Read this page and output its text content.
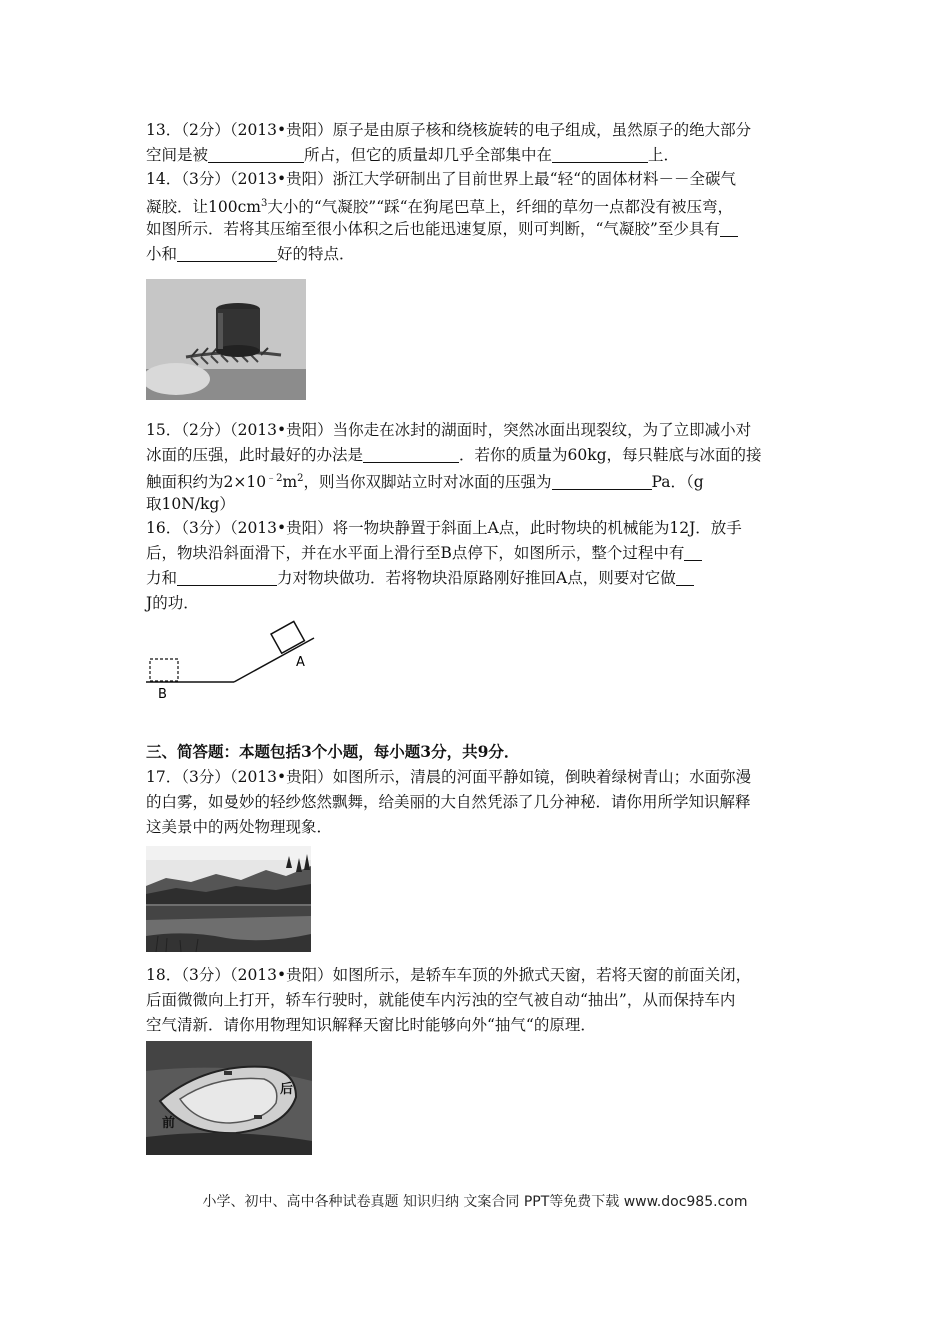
13．（2分）（2013•贵阳）原子是由原子核和绕核旋转的电子组成，虽然原子的绝大部分
空间是被	所占，但它的质量却几乎全部集中在	上．
14．（3分）（2013•贵阳）浙江大学研制出了目前世界上最“轻“的固体材料－－全碳气
凝胶．让$100cm^3$大小的“气凝胶”“踩“在狗尾巴草上，纤细的草勿一点都没有被压弯，
如图所示．若将其压缩至很小体积之后也能迅速复原，则可判断，“气凝胶”至少具有
小和	好的特点．
15．（2分）（2013•贵阳）当你走在冰封的湖面时，突然冰面出现裂纹，为了立即减小对
冰面的压强，此时最好的办法是	．若你的质量为60kg，每只鞋底与冰面的接
触面积约为$2\times 10^{﹣2}m^2$，则当你双脚站立时对冰面的压强为	Pa．（g
取10N/kg）
16．（3分）（2013•贵阳）将一物块静置于斜面上A点，此时物块的机械能为12J．放手
后，物块沿斜面滑下，并在水平面上滑行至B点停下，如图所示，整个过程中有
力和	力对物块做功．若将物块沿原路刚好推回A点，则要对它做
J的功．
B
A
三、简答题：本题包括3个小题，每小题3分，共9分．
17．（3分）（2013•贵阳）如图所示，清晨的河面平静如镜，倒映着绿树青山；水面弥漫
的白雾，如曼妙的轻纱悠然飘舞，给美丽的大自然凭添了几分神秘．请你用所学知识解释
这美景中的两处物理现象．
18．（3分）（2013•贵阳）如图所示，是轿车车顶的外掀式天窗，若将天窗的前面关闭，
后面微微向上打开，轿车行驶时，就能使车内污浊的空气被自动“抽出”，从而保持车内
空气清新．请你用物理知识解释天窗比时能够向外“抽气“的原理．
前
后
小学、初中、高中各种试卷真题 知识归纳 文案合同 PPT等免费下载 www.doc985.com
